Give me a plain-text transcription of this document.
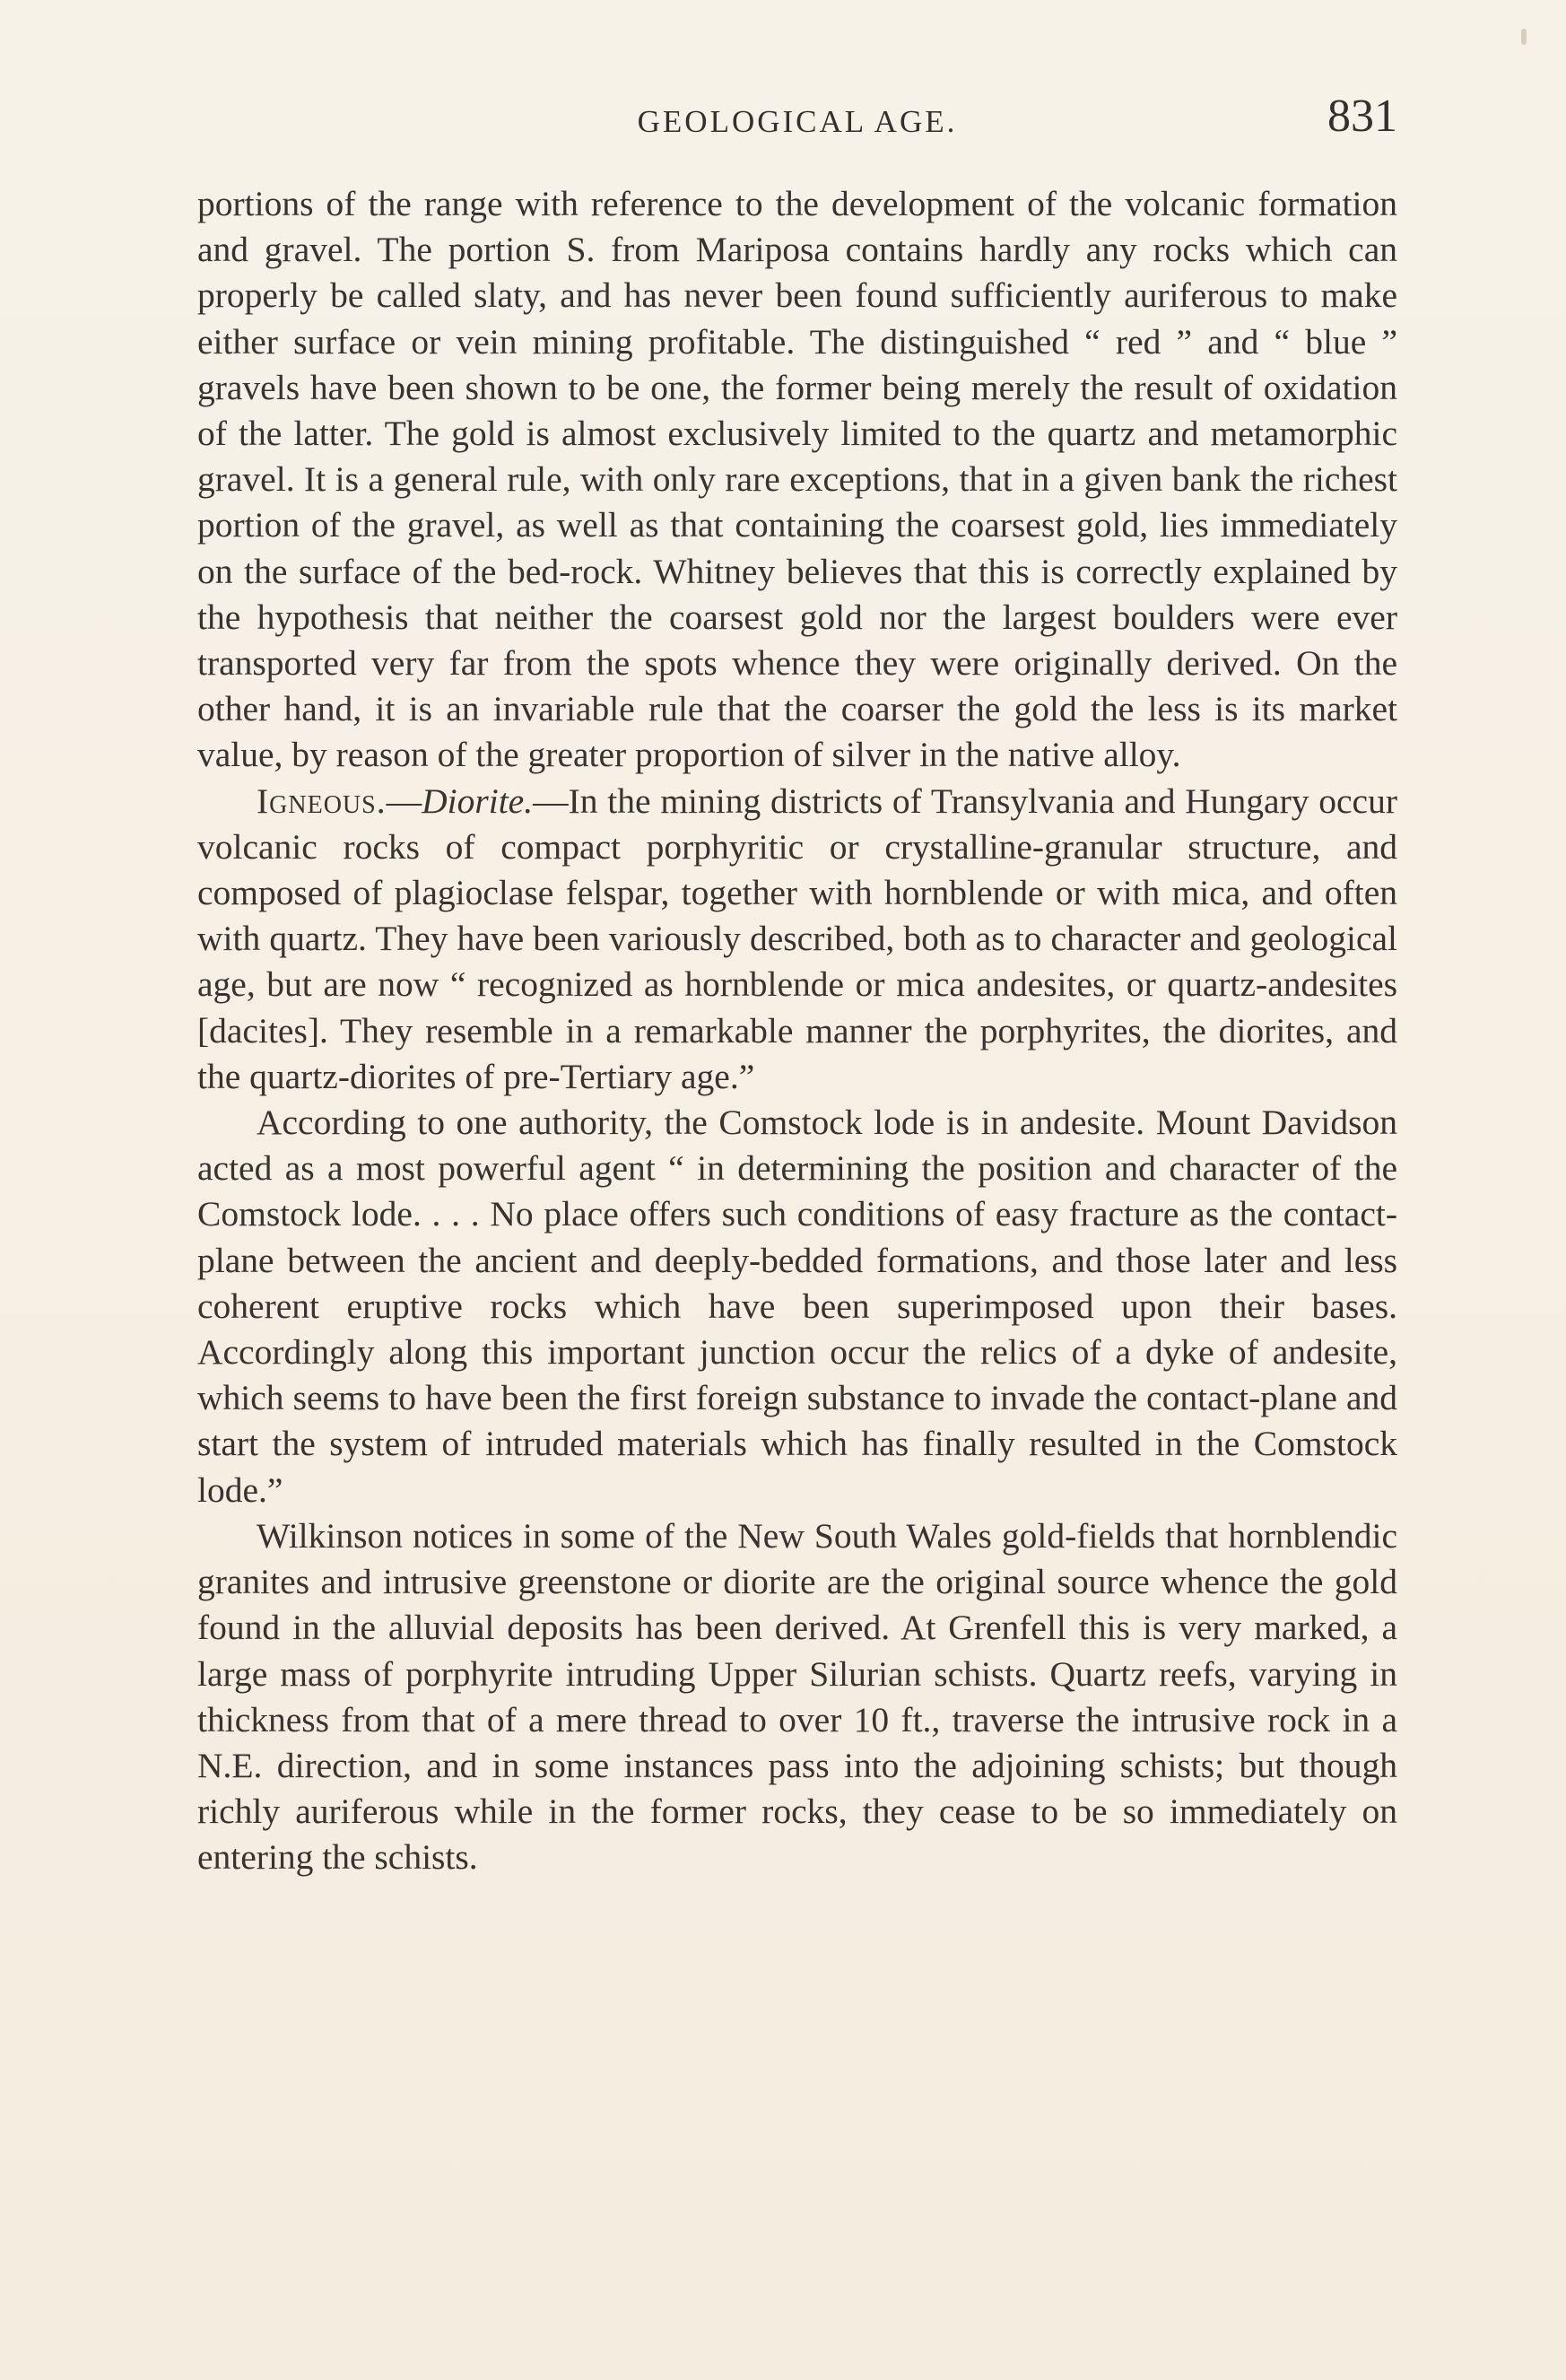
GEOLOGICAL AGE.	831

portions of the range with reference to the development of the volcanic formation and gravel. The portion S. from Mariposa contains hardly any rocks which can properly be called slaty, and has never been found sufficiently auriferous to make either surface or vein mining profitable. The distinguished “ red ” and “ blue ” gravels have been shown to be one, the former being merely the result of oxidation of the latter. The gold is almost exclusively limited to the quartz and metamorphic gravel. It is a general rule, with only rare exceptions, that in a given bank the richest portion of the gravel, as well as that containing the coarsest gold, lies immediately on the surface of the bed-rock. Whitney believes that this is correctly explained by the hypothesis that neither the coarsest gold nor the largest boulders were ever transported very far from the spots whence they were originally derived. On the other hand, it is an invariable rule that the coarser the gold the less is its market value, by reason of the greater proportion of silver in the native alloy.

Igneous.—Diorite.—In the mining districts of Transylvania and Hungary occur volcanic rocks of compact porphyritic or crystalline-granular structure, and composed of plagioclase felspar, together with hornblende or with mica, and often with quartz. They have been variously described, both as to character and geological age, but are now “ recognized as hornblende or mica andesites, or quartz-andesites [dacites]. They resemble in a remarkable manner the porphyrites, the diorites, and the quartz-diorites of pre-Tertiary age.”

According to one authority, the Comstock lode is in andesite. Mount Davidson acted as a most powerful agent “ in determining the position and character of the Comstock lode. . . . No place offers such conditions of easy fracture as the contact-plane between the ancient and deeply-bedded formations, and those later and less coherent eruptive rocks which have been superimposed upon their bases. Accordingly along this important junction occur the relics of a dyke of andesite, which seems to have been the first foreign substance to invade the contact-plane and start the system of intruded materials which has finally resulted in the Comstock lode.”

Wilkinson notices in some of the New South Wales gold-fields that hornblendic granites and intrusive greenstone or diorite are the original source whence the gold found in the alluvial deposits has been derived. At Grenfell this is very marked, a large mass of porphyrite intruding Upper Silurian schists. Quartz reefs, varying in thickness from that of a mere thread to over 10 ft., traverse the intrusive rock in a N.E. direction, and in some instances pass into the adjoining schists; but though richly auriferous while in the former rocks, they cease to be so immediately on entering the schists.
